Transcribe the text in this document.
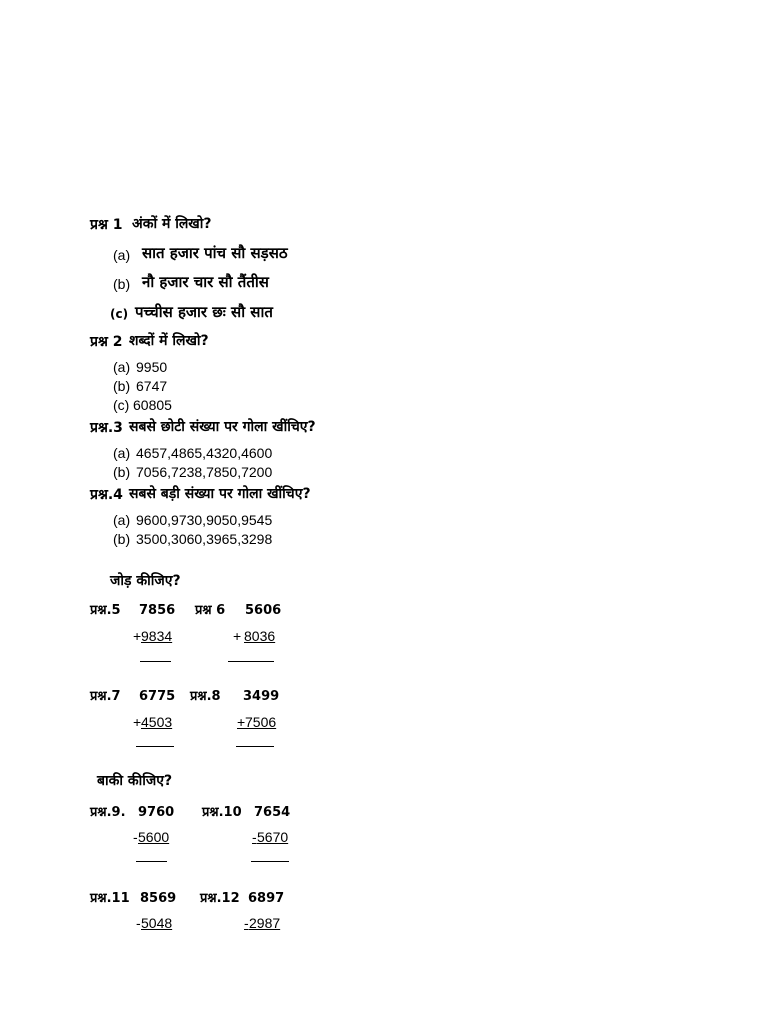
प्रश्न 1 अंकों में लिखो?
(a) सात हजार पांच सौ सड़सठ
(b) नौ हजार चार सौ तैंतीस
(c) पच्चीस हजार छः सौ सात
प्रश्न 2 शब्दों में लिखो?
(a) 9950
(b) 6747
(c) 60805
प्रश्न.3 सबसे छोटी संख्या पर गोला खींचिए?
(a) 4657,4865,4320,4600
(b) 7056,7238,7850,7200
प्रश्न.4 सबसे बड़ी संख्या पर गोला खींचिए?
(a) 9600,9730,9050,9545
(b) 3500,3060,3965,3298
जोड़ कीजिए?
प्रश्न.5 7856
+ 9834
प्रश्न 6 5606
+ 8036
प्रश्न.7 6775
+ 4503
प्रश्न.8 3499
+ 7506
बाकी कीजिए?
प्रश्न.9. 9760
- 5600
प्रश्न.10 7654
- 5670
प्रश्न.11 8569
- 5048
प्रश्न.12 6897
- 2987
